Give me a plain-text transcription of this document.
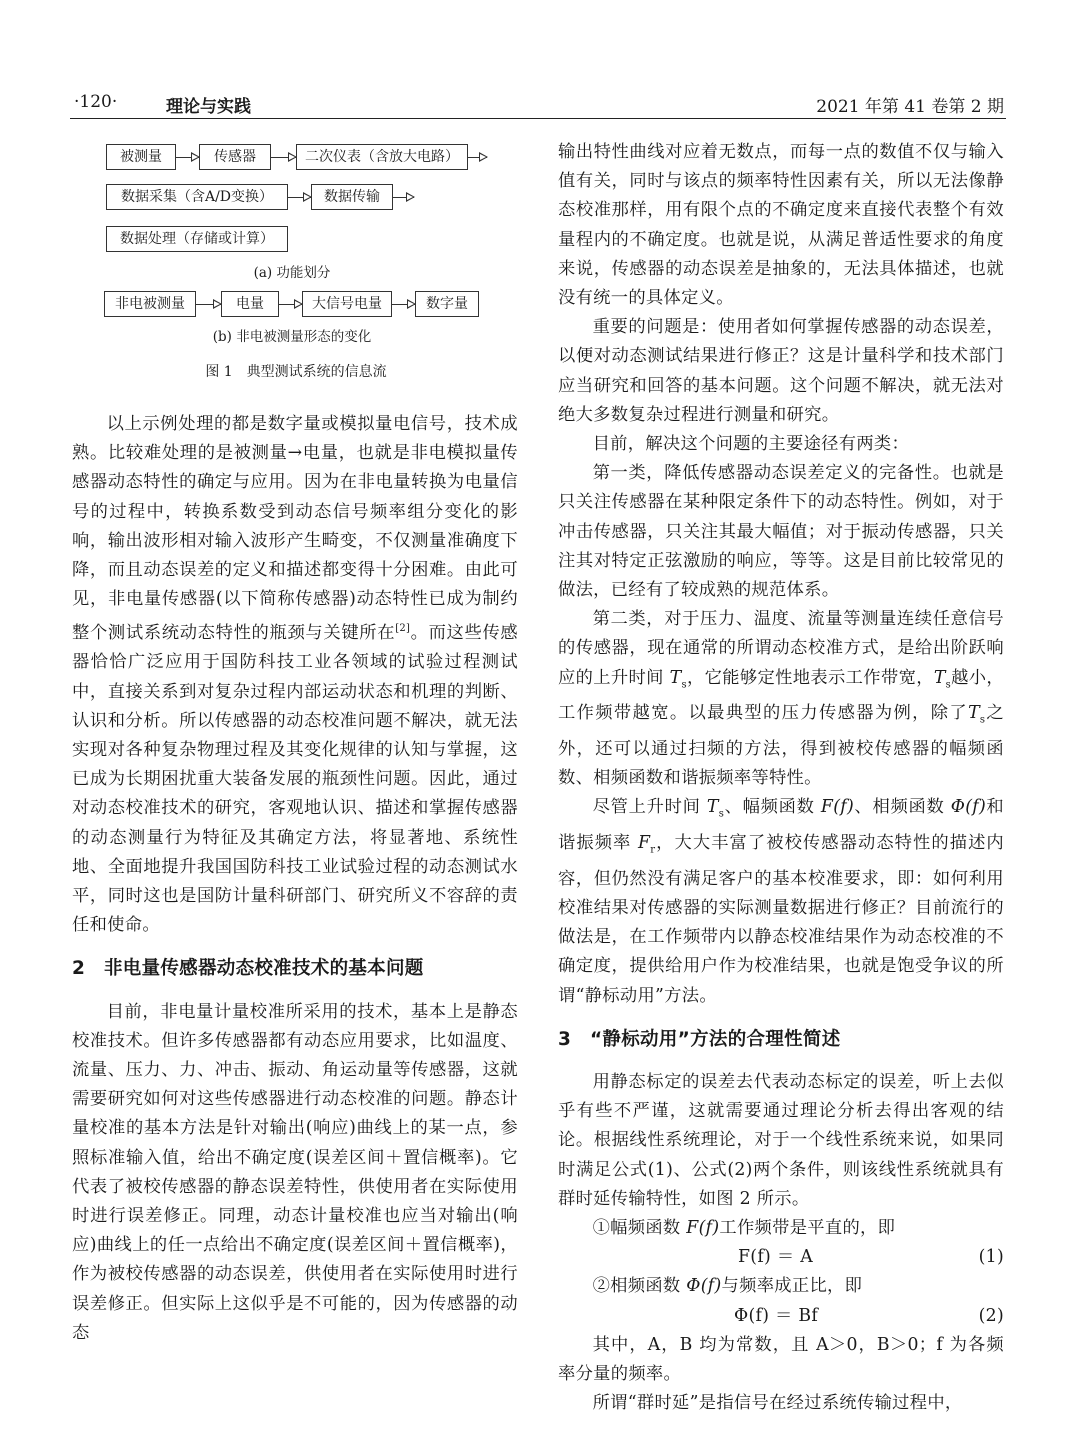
·120·	理论与实践	2021 年第 41 卷第 2 期
被测量	传感器	二次仪表（含放大电路）
数据采集（含A/D变换）	数据传输
数据处理（存储或计算）
(a) 功能划分
非电被测量	电量	大信号电量	数字量
(b) 非电被测量形态的变化
图 1　典型测试系统的信息流

以上示例处理的都是数字量或模拟量电信号，技术成熟。比较难处理的是被测量→电量，也就是非电模拟量传感器动态特性的确定与应用。因为在非电量转换为电量信号的过程中，转换系数受到动态信号频率组分变化的影响，输出波形相对输入波形产生畸变，不仅测量准确度下降，而且动态误差的定义和描述都变得十分困难。由此可见，非电量传感器(以下简称传感器)动态特性已成为制约整个测试系统动态特性的瓶颈与关键所在[2]。而这些传感器恰恰广泛应用于国防科技工业各领域的试验过程测试中，直接关系到对复杂过程内部运动状态和机理的判断、认识和分析。所以传感器的动态校准问题不解决，就无法实现对各种复杂物理过程及其变化规律的认知与掌握，这已成为长期困扰重大装备发展的瓶颈性问题。因此，通过对动态校准技术的研究，客观地认识、描述和掌握传感器的动态测量行为特征及其确定方法，将显著地、系统性地、全面地提升我国国防科技工业试验过程的动态测试水平，同时这也是国防计量科研部门、研究所义不容辞的责任和使命。

2　非电量传感器动态校准技术的基本问题

目前，非电量计量校准所采用的技术，基本上是静态校准技术。但许多传感器都有动态应用要求，比如温度、流量、压力、力、冲击、振动、角运动量等传感器，这就需要研究如何对这些传感器进行动态校准的问题。静态计量校准的基本方法是针对输出(响应)曲线上的某一点，参照标准输入值，给出不确定度(误差区间＋置信概率)。它代表了被校传感器的静态误差特性，供使用者在实际使用时进行误差修正。同理，动态计量校准也应当对输出(响应)曲线上的任一点给出不确定度(误差区间＋置信概率)，作为被校传感器的动态误差，供使用者在实际使用时进行误差修正。但实际上这似乎是不可能的，因为传感器的动态

输出特性曲线对应着无数点，而每一点的数值不仅与输入值有关，同时与该点的频率特性因素有关，所以无法像静态校准那样，用有限个点的不确定度来直接代表整个有效量程内的不确定度。也就是说，从满足普适性要求的角度来说，传感器的动态误差是抽象的，无法具体描述，也就没有统一的具体定义。

重要的问题是：使用者如何掌握传感器的动态误差，以便对动态测试结果进行修正？这是计量科学和技术部门应当研究和回答的基本问题。这个问题不解决，就无法对绝大多数复杂过程进行测量和研究。

目前，解决这个问题的主要途径有两类：

第一类，降低传感器动态误差定义的完备性。也就是只关注传感器在某种限定条件下的动态特性。例如，对于冲击传感器，只关注其最大幅值；对于振动传感器，只关注其对特定正弦激励的响应，等等。这是目前比较常见的做法，已经有了较成熟的规范体系。

第二类，对于压力、温度、流量等测量连续任意信号的传感器，现在通常的所谓动态校准方式，是给出阶跃响应的上升时间 $T_s$，它能够定性地表示工作带宽，$T_s$越小，工作频带越宽。以最典型的压力传感器为例，除了$T_s$之外，还可以通过扫频的方法，得到被校传感器的幅频函数、相频函数和谐振频率等特性。

尽管上升时间 $T_s$、幅频函数 F(f)、相频函数 Φ(f)和谐振频率 $F_r$，大大丰富了被校传感器动态特性的描述内容，但仍然没有满足客户的基本校准要求，即：如何利用校准结果对传感器的实际测量数据进行修正？目前流行的做法是，在工作频带内以静态校准结果作为动态校准的不确定度，提供给用户作为校准结果，也就是饱受争议的所谓“静标动用”方法。

3　“静标动用”方法的合理性简述

用静态标定的误差去代表动态标定的误差，听上去似乎有些不严谨，这就需要通过理论分析去得出客观的结论。根据线性系统理论，对于一个线性系统来说，如果同时满足公式(1)、公式(2)两个条件，则该线性系统就具有群时延传输特性，如图 2 所示。

①幅频函数 F(f)工作频带是平直的，即

F(f) ＝ A	(1)

②相频函数 Φ(f)与频率成正比，即

Φ(f) ＝ Bf	(2)

其中，A，B 均为常数，且 A＞0，B＞0；f 为各频率分量的频率。

所谓“群时延”是指信号在经过系统传输过程中，
